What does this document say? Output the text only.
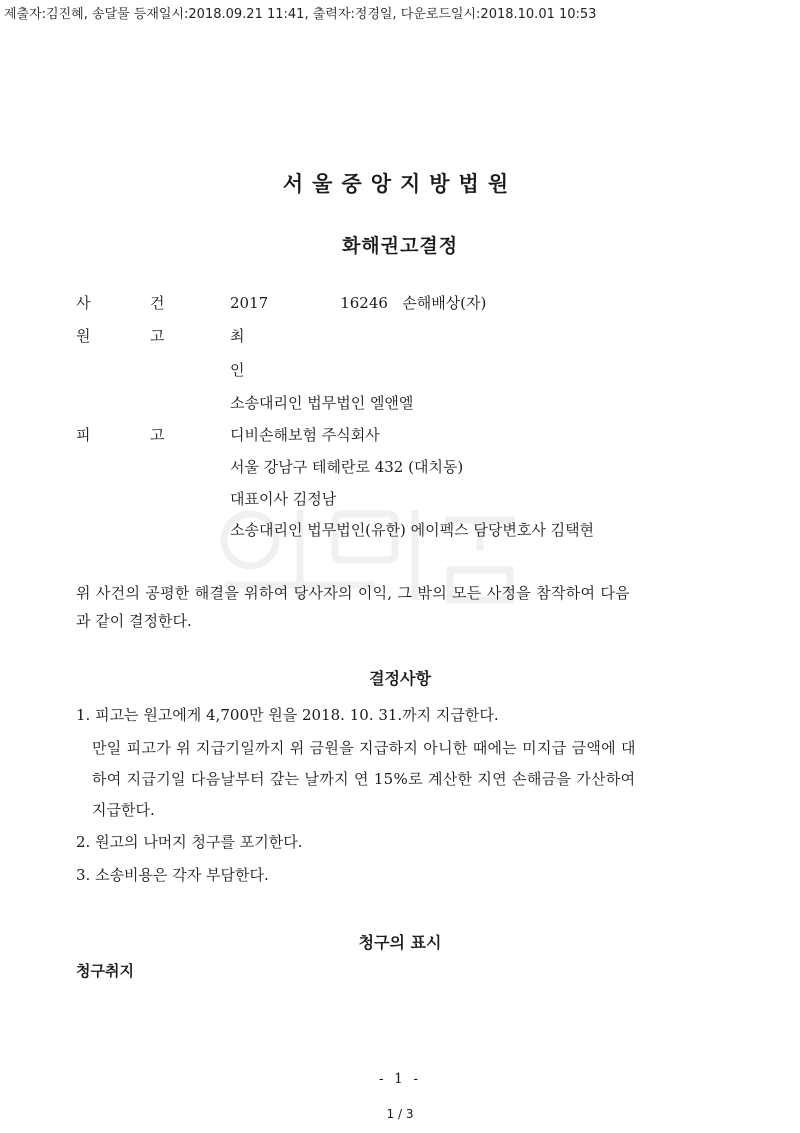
제출자:김진혜, 송달물 등재일시:2018.09.21 11:41, 출력자:정경일, 다운로드일시:2018.10.01 10:53
서울중앙지방법원
화해권고결정
사	건	2017	16246 손해배상(자)
원	고	최
인
소송대리인 법무법인 엘앤엘
피	고	디비손해보험 주식회사
서울 강남구 테헤란로 432 (대치동)
대표이사 김정남
소송대리인 법무법인(유한) 에이펙스 담당변호사 김택현
위 사건의 공평한 해결을 위하여 당사자의 이익, 그 밖의 모든 사정을 참작하여 다음
과 같이 결정한다.
결정사항
1. 피고는 원고에게 4,700만 원을 2018. 10. 31.까지 지급한다.
만일 피고가 위 지급기일까지 위 금원을 지급하지 아니한 때에는 미지급 금액에 대
하여 지급기일 다음날부터 갚는 날까지 연 15%로 계산한 지연 손해금을 가산하여
지급한다.
2. 원고의 나머지 청구를 포기한다.
3. 소송비용은 각자 부담한다.
청구의 표시
청구취지
- 1 -
1 / 3
